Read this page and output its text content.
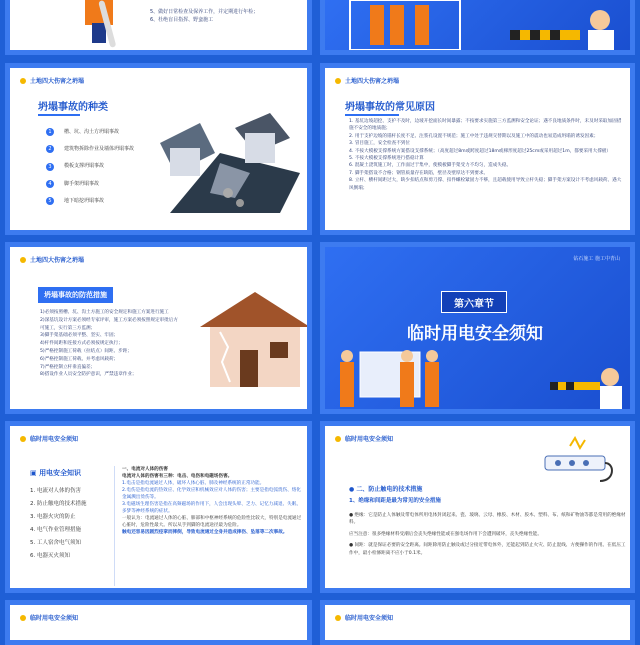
5、做好日常检查及保养工作，并定期进行年检；
6、杜绝盲目指挥、野蛮施工
土地四大伤害之坍塌
坍塌事故的种类
1	槽、坑、沟土方坍塌事故
2	建筑物拆除作业及墙体坍塌事故
3	模板支撑坍塌事故
4	脚手架坍塌事故
5	地下暗挖坍塌事故
土地四大伤害之坍塌
坍塌事故的常见原因
1. 基坑边坡超挖、支护不及时，边坡开挖面长时间暴露；不按要求实施第三方监测和安全论证；遇不良地质条件时，未及时采取加固措施不安全的地质施；
2. 用于支护边坡的锚杆长度不足、注浆孔设置不规范；施工中处于违规交替期以及施工中的震动也易造成坍塌的诱发因素；
3. 冒目施工，安全检查不到位
4. 不按大模板支撑系统方案搭设支撑系统；（高度超过8m或跨度超过18m或梯形度超过25cm或采用超过1m，都要采用大撑板）
5. 不按大模板支撑系统进行搭稳计算
6. 混凝土浇筑施工时，工作面过于集中，使模板脚手架受力不均匀，造成失稳。
7. 脚手架搭设不合格；钢管质量存在缺陷，壁径及壁厚达不到要求。
8. 立杆、横杆间距过大，缺少扣结点和剪刀撑、扣件螺栓紧固力不够，且超载使用导致立杆失稳；脚手架方案设计不考虑风载荷、遇大风倒塌；
土地四大伤害之坍塌
坍塌事故的防范措施
1)必须按照槽、坑、沟土方施工的安全规定和施工方案进行施工
2)深基坑设计方案必须经专家评审，施工方案必须按照规定审批后方可施工，实行第三方监测；
3)脚手架基础必须平整、坚实、牢固；
4)杆件间距和连接方式必须按规定执行；
5)严格控制施工荷载（拉结点）间距、步距；
6)严格控制施工荷载、并考虑风载荷；
7)严格控制立杆垂直偏差；
8)搭设作业人员安全防护意识，严禁违章作业；
钻石施工 施工中青山
第六章节
临时用电安全须知
临时用电安全须知
▣ 用电安全知识
1. 电流对人体的伤害
2. 防止触电的技术措施
3. 电器火灾的防止
4. 电气作业管理措施
5. 工人宿舍电气须知
6. 电器灭火须知
一、电流对人体的伤害
电流对人体的伤害有三种：电击、电伤和电磁场伤害。
1.电击是指电流通过人体，破坏人体心脏、肺及神经系统的正常功能。
2.电伤是指电流的热效应、化学效应和机械效应对人体的伤害；主要是指电弧烧伤、熔化金属溅出烫伤等。
3.电磁场生理伤害是指在高频磁场的作用下，人会出现头晕、乏力、记忆力减退、失眠、多梦等神经系统的症状。
一般认为：电流通过人体的心脏、肺部和中枢神经系统的危险性比较大，特别是电流通过心脏时，危险性最大。所以从手到脚的电流途径最为危险。
触电还容易因剧烈痉挛而摔倒，导致电流通过全身并造成摔伤、坠落等二次事故。
临时用电安全须知
● 二、防止触电的技术措施
1、绝缘和间距是最为常见的安全措施
● 绝缘：它是防止人体触及带电体所用电体封闭起来。瓷、玻璃、云母、橡胶、木材、胶木、塑料、布、纸和矿物油等都是常用的绝缘材料。
应当注意：很多绝缘材料受潮后会丧失绝缘性能或在强电场作用下会遭到破坏，丧失绝缘性能。
● 间距：就是保证必要的安全距离。间距除用防止触及或过分接近带电体外，还能起到防止火灾、防止混线、方便操作的作用。在低压工作中，最小检修距离不应小于0.1米。
临时用电安全须知	临时用电安全须知
